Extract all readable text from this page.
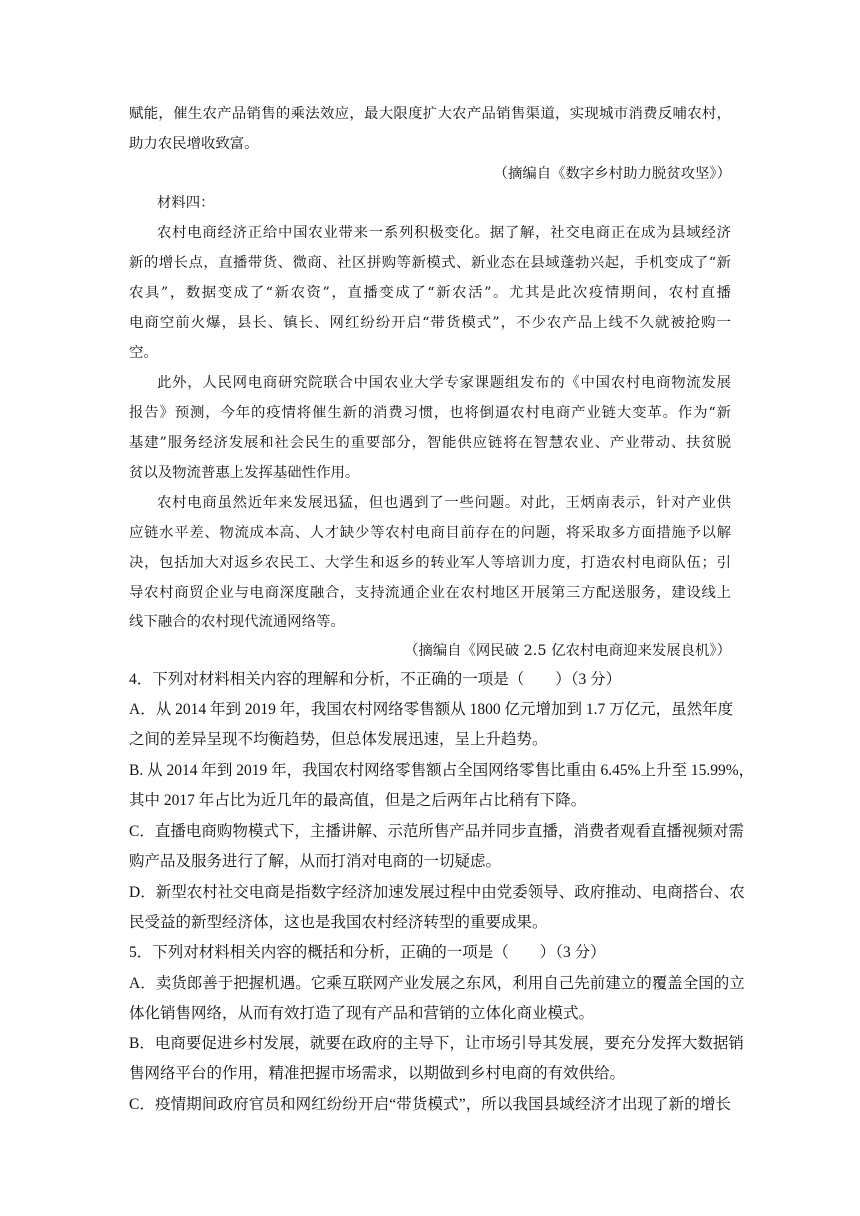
赋能，催生农产品销售的乘法效应，最大限度扩大农产品销售渠道，实现城市消费反哺农村，
助力农民增收致富。
（摘编自《数字乡村助力脱贫攻坚》）
材料四：
农村电商经济正给中国农业带来一系列积极变化。据了解，社交电商正在成为县域经济
新的增长点，直播带货、微商、社区拼购等新模式、新业态在县域蓬勃兴起，手机变成了“新
农具”，数据变成了“新农资”，直播变成了“新农活”。尤其是此次疫情期间，农村直播
电商空前火爆，县长、镇长、网红纷纷开启“带货模式”，不少农产品上线不久就被抢购一
空。
此外，人民网电商研究院联合中国农业大学专家课题组发布的《中国农村电商物流发展
报告》预测，今年的疫情将催生新的消费习惯，也将倒逼农村电商产业链大变革。作为“新
基建”服务经济发展和社会民生的重要部分，智能供应链将在智慧农业、产业带动、扶贫脱
贫以及物流普惠上发挥基础性作用。
农村电商虽然近年来发展迅猛，但也遇到了一些问题。对此，王炳南表示，针对产业供
应链水平差、物流成本高、人才缺少等农村电商目前存在的问题，将采取多方面措施予以解
决，包括加大对返乡农民工、大学生和返乡的转业军人等培训力度，打造农村电商队伍；引
导农村商贸企业与电商深度融合，支持流通企业在农村地区开展第三方配送服务，建设线上
线下融合的农村现代流通网络等。
（摘编自《网民破 2.5 亿农村电商迎来发展良机》）
4．下列对材料相关内容的理解和分析，不正确的一项是（　　）（3 分）
A．从 2014 年到 2019 年，我国农村网络零售额从 1800 亿元增加到 1.7 万亿元，虽然年度
之间的差异呈现不均衡趋势，但总体发展迅速，呈上升趋势。
B. 从 2014 年到 2019 年，我国农村网络零售额占全国网络零售比重由 6.45%上升至 15.99%，
其中 2017 年占比为近几年的最高值，但是之后两年占比稍有下降。
C．直播电商购物模式下，主播讲解、示范所售产品并同步直播，消费者观看直播视频对需
购产品及服务进行了解，从而打消对电商的一切疑虑。
D．新型农村社交电商是指数字经济加速发展过程中由党委领导、政府推动、电商搭台、农
民受益的新型经济体，这也是我国农村经济转型的重要成果。
5．下列对材料相关内容的概括和分析，正确的一项是（　　）（3 分）
A．卖货郎善于把握机遇。它乘互联网产业发展之东风，利用自己先前建立的覆盖全国的立
体化销售网络，从而有效打造了现有产品和营销的立体化商业模式。
B．电商要促进乡村发展，就要在政府的主导下，让市场引导其发展，要充分发挥大数据销
售网络平台的作用，精准把握市场需求，以期做到乡村电商的有效供给。
C．疫情期间政府官员和网红纷纷开启“带货模式”，所以我国县域经济才出现了新的增长
